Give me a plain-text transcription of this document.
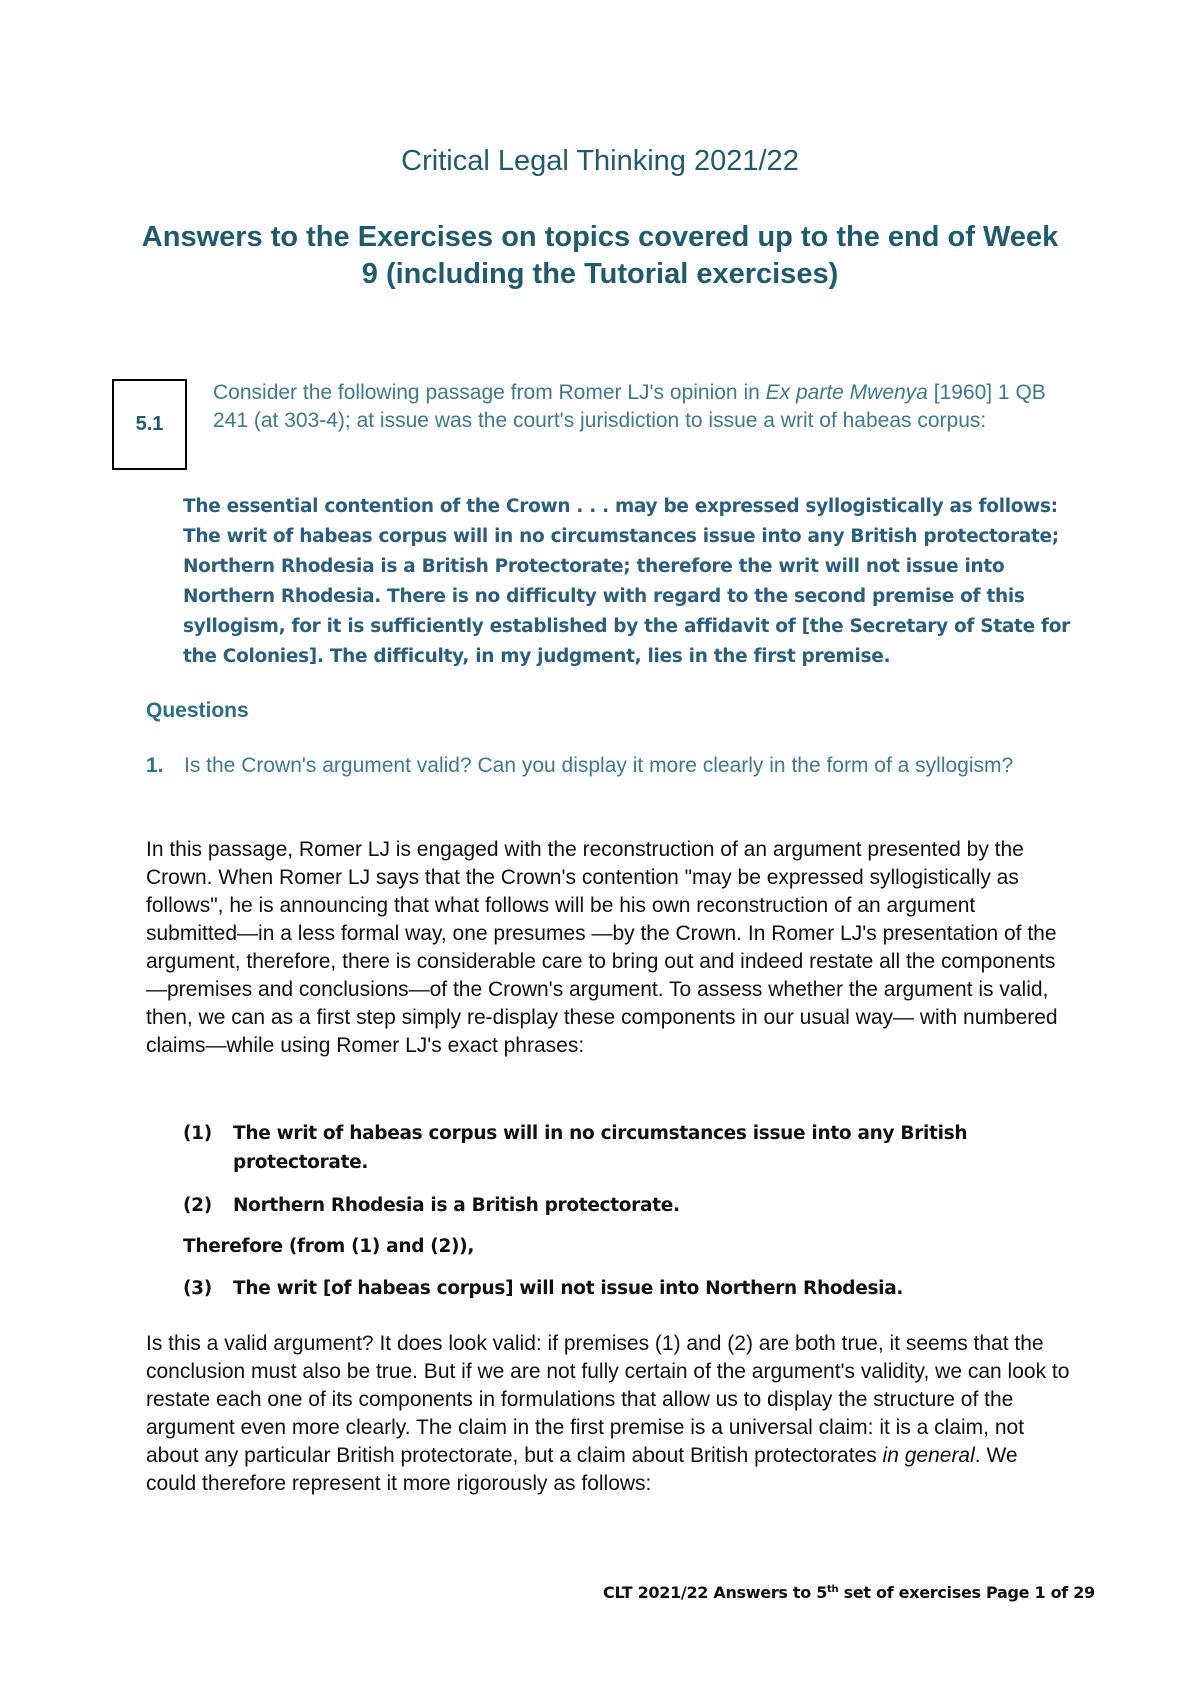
Critical Legal Thinking 2021/22
Answers to the Exercises on topics covered up to the end of Week 9 (including the Tutorial exercises)
5.1
Consider the following passage from Romer LJ's opinion in Ex parte Mwenya [1960] 1 QB 241 (at 303-4); at issue was the court's jurisdiction to issue a writ of habeas corpus:
The essential contention of the Crown . . . may be expressed syllogistically as follows: The writ of habeas corpus will in no circumstances issue into any British protectorate; Northern Rhodesia is a British Protectorate; therefore the writ will not issue into Northern Rhodesia. There is no difficulty with regard to the second premise of this syllogism, for it is sufficiently established by the affidavit of [the Secretary of State for the Colonies]. The difficulty, in my judgment, lies in the first premise.
Questions
1. Is the Crown's argument valid? Can you display it more clearly in the form of a syllogism?
In this passage, Romer LJ is engaged with the reconstruction of an argument presented by the Crown. When Romer LJ says that the Crown's contention "may be expressed syllogistically as follows", he is announcing that what follows will be his own reconstruction of an argument submitted—in a less formal way, one presumes —by the Crown. In Romer LJ's presentation of the argument, therefore, there is considerable care to bring out and indeed restate all the components—premises and conclusions—of the Crown's argument. To assess whether the argument is valid, then, we can as a first step simply re-display these components in our usual way— with numbered claims—while using Romer LJ's exact phrases:
(1) The writ of habeas corpus will in no circumstances issue into any British protectorate.
(2) Northern Rhodesia is a British protectorate.
Therefore (from (1) and (2)),
(3) The writ [of habeas corpus] will not issue into Northern Rhodesia.
Is this a valid argument? It does look valid: if premises (1) and (2) are both true, it seems that the conclusion must also be true. But if we are not fully certain of the argument's validity, we can look to restate each one of its components in formulations that allow us to display the structure of the argument even more clearly. The claim in the first premise is a universal claim: it is a claim, not about any particular British protectorate, but a claim about British protectorates in general. We could therefore represent it more rigorously as follows:
CLT 2021/22 Answers to 5th set of exercises Page 1 of 29
